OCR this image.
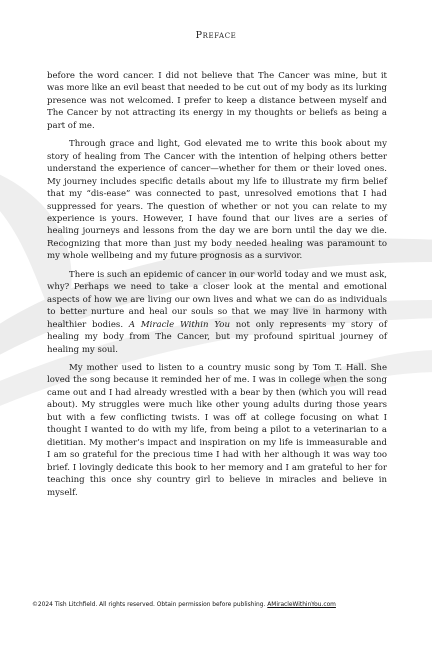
Preface

before the word cancer. I did not believe that The Cancer was mine, but it was more like an evil beast that needed to be cut out of my body as its lurking presence was not welcomed. I prefer to keep a distance between myself and The Cancer by not attracting its energy in my thoughts or beliefs as being a part of me.

Through grace and light, God elevated me to write this book about my story of healing from The Cancer with the intention of helping others better understand the experience of cancer—whether for them or their loved ones. My journey includes specific details about my life to illustrate my firm belief that my “dis-ease” was connected to past, unresolved emotions that I had suppressed for years. The question of whether or not you can relate to my experience is yours. However, I have found that our lives are a series of healing journeys and lessons from the day we are born until the day we die. Recognizing that more than just my body needed healing was paramount to my whole wellbeing and my future prognosis as a survivor.

There is such an epidemic of cancer in our world today and we must ask, why? Perhaps we need to take a closer look at the mental and emotional aspects of how we are living our own lives and what we can do as individuals to better nurture and heal our souls so that we may live in harmony with healthier bodies. A Miracle Within You not only represents my story of healing my body from The Cancer, but my profound spiritual journey of healing my soul.

My mother used to listen to a country music song by Tom T. Hall. She loved the song because it reminded her of me. I was in college when the song came out and I had already wrestled with a bear by then (which you will read about). My struggles were much like other young adults during those years but with a few conflicting twists. I was off at college focusing on what I thought I wanted to do with my life, from being a pilot to a veterinarian to a dietitian. My mother’s impact and inspiration on my life is immeasurable and I am so grateful for the precious time I had with her although it was way too brief. I lovingly dedicate this book to her memory and I am grateful to her for teaching this once shy country girl to believe in miracles and believe in myself.

©2024 Tish Litchfield. All rights reserved. Obtain permission before publishing. AMiracleWithinYou.com
